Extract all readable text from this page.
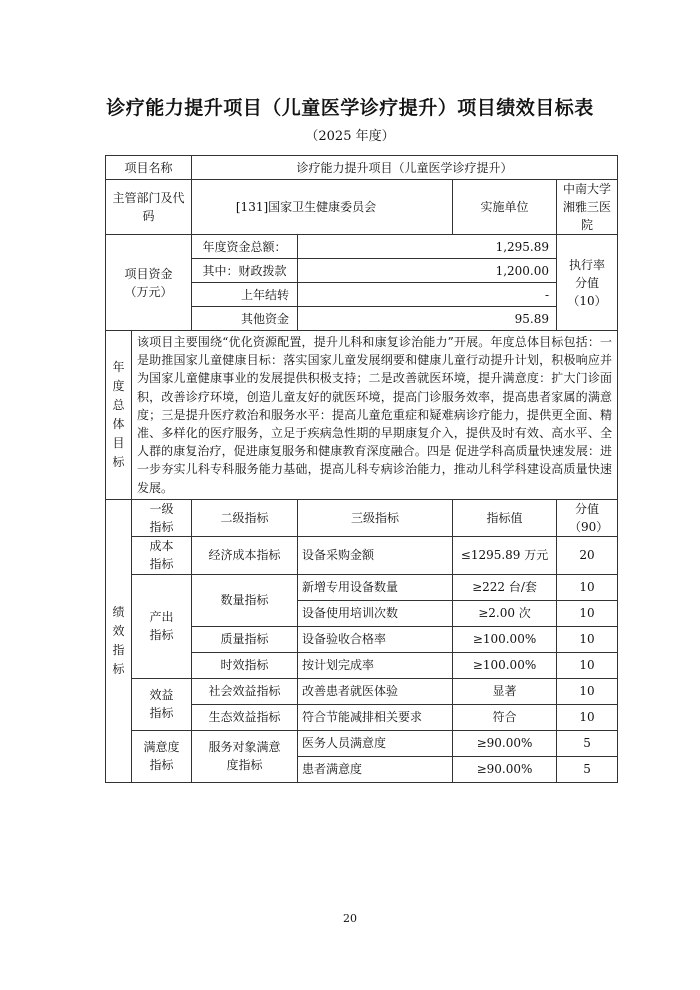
诊疗能力提升项目（儿童医学诊疗提升）项目绩效目标表
（2025 年度）
项目名称		诊疗能力提升项目（儿童医学诊疗提升）			
主管部门及代码		[131]国家卫生健康委员会		实施单位	中南大学湘雅三医院
项目资金（万元）		年度资金总额：	1,295.89		执行率分值（10）
		其中：财政拨款	1,200.00		
		上年结转	-		
		其他资金	95.89		
年度总体目标	该项目主要围绕“优化资源配置，提升儿科和康复诊治能力”开展。年度总体目标包括：一是助推国家儿童健康目标：落实国家儿童发展纲要和健康儿童行动提升计划，积极响应并为国家儿童健康事业的发展提供积极支持；二是改善就医环境，提升满意度：扩大门诊面积，改善诊疗环境，创造儿童友好的就医环境，提高门诊服务效率，提高患者家属的满意度；三是提升医疗救治和服务水平：提高儿童危重症和疑难病诊疗能力，提供更全面、精准、多样化的医疗服务，立足于疾病急性期的早期康复介入，提供及时有效、高水平、全人群的康复治疗，促进康复服务和健康教育深度融合。四是 促进学科高质量快速发展：进一步夯实儿科专科服务能力基础，提高儿科专病诊治能力，推动儿科学科建设高质量快速发展。				
绩效指标	一级指标	二级指标	三级指标	指标值	分值（90）
	成本指标	经济成本指标	设备采购金额	≤1295.89 万元	20
	产出指标	数量指标	新增专用设备数量	≥222 台/套	10
			设备使用培训次数	≥2.00 次	10
		质量指标	设备验收合格率	≥100.00%	10
		时效指标	按计划完成率	≥100.00%	10
	效益指标	社会效益指标	改善患者就医体验	显著	10
		生态效益指标	符合节能减排相关要求	符合	10
	满意度指标	服务对象满意度指标	医务人员满意度	≥90.00%	5
			患者满意度	≥90.00%	5
20
